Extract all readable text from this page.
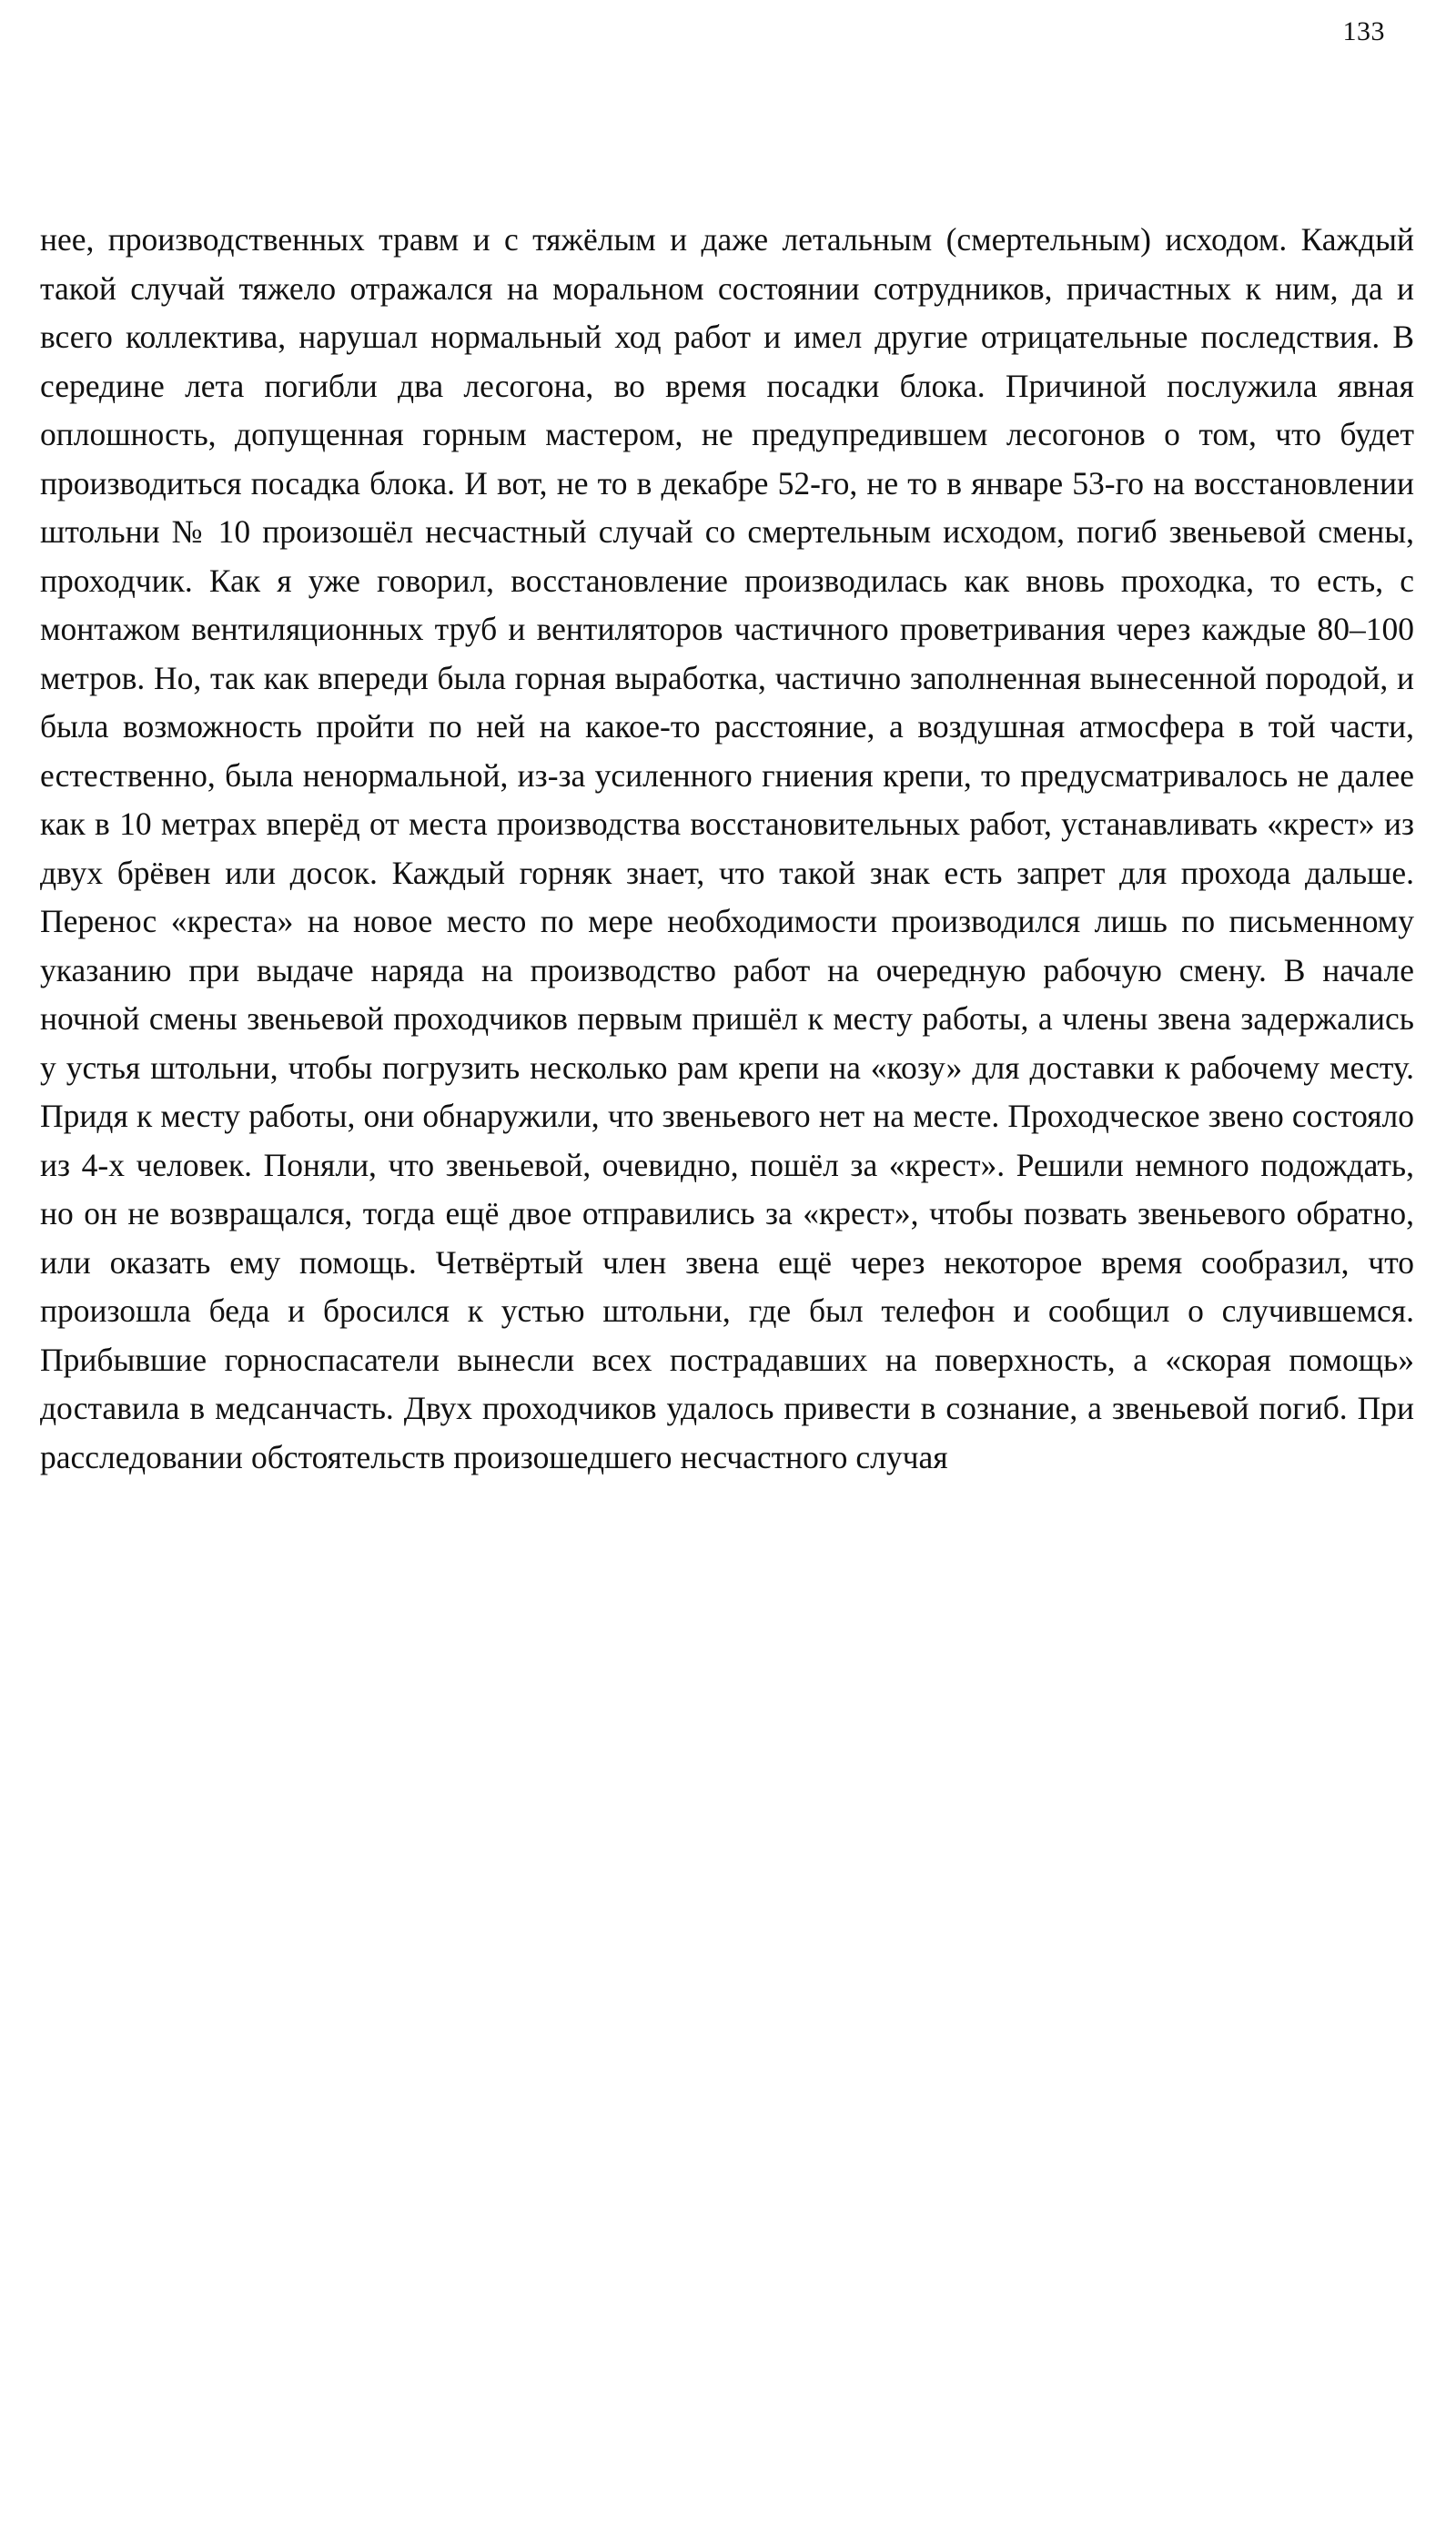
133

нее, производственных травм и с тяжёлым и даже летальным (смертельным) исходом. Каждый такой случай тяжело отражался на моральном состоянии сотрудников, причастных к ним, да и всего коллектива, нарушал нормальный ход работ и имел другие отрицательные последствия. В середине лета погибли два лесогона, во время посадки блока. Причиной послужила явная оплошность, допущенная горным мастером, не предупредившем лесогонов о том, что будет производиться посадка блока. И вот, не то в декабре 52-го, не то в январе 53-го на восстановлении штольни № 10 произошёл несчастный случай со смертельным исходом, погиб звеньевой смены, проходчик. Как я уже говорил, восстановление производилась как вновь проходка, то есть, с монтажом вентиляционных труб и вентиляторов частичного проветривания через каждые 80–100 метров. Но, так как впереди была горная выработка, частично заполненная вынесенной породой, и была возможность пройти по ней на какое-то расстояние, а воздушная атмосфера в той части, естественно, была ненормальной, из-за усиленного гниения крепи, то предусматривалось не далее как в 10 метрах вперёд от места производства восстановительных работ, устанавливать «крест» из двух брёвен или досок. Каждый горняк знает, что такой знак есть запрет для прохода дальше. Перенос «креста» на новое место по мере необходимости производился лишь по письменному указанию при выдаче наряда на производство работ на очередную рабочую смену. В начале ночной смены звеньевой проходчиков первым пришёл к месту работы, а члены звена задержались у устья штольни, чтобы погрузить несколько рам крепи на «козу» для доставки к рабочему месту. Придя к месту работы, они обнаружили, что звеньевого нет на месте. Проходческое звено состояло из 4-х человек. Поняли, что звеньевой, очевидно, пошёл за «крест». Решили немного подождать, но он не возвращался, тогда ещё двое отправились за «крест», чтобы позвать звеньевого обратно, или оказать ему помощь. Четвёртый член звена ещё через некоторое время сообразил, что произошла беда и бросился к устью штольни, где был телефон и сообщил о случившемся. Прибывшие горноспасатели вынесли всех пострадавших на поверхность, а «скорая помощь» доставила в медсанчасть. Двух проходчиков удалось привести в сознание, а звеньевой погиб. При расследовании обстоятельств произошедшего несчастного случая
